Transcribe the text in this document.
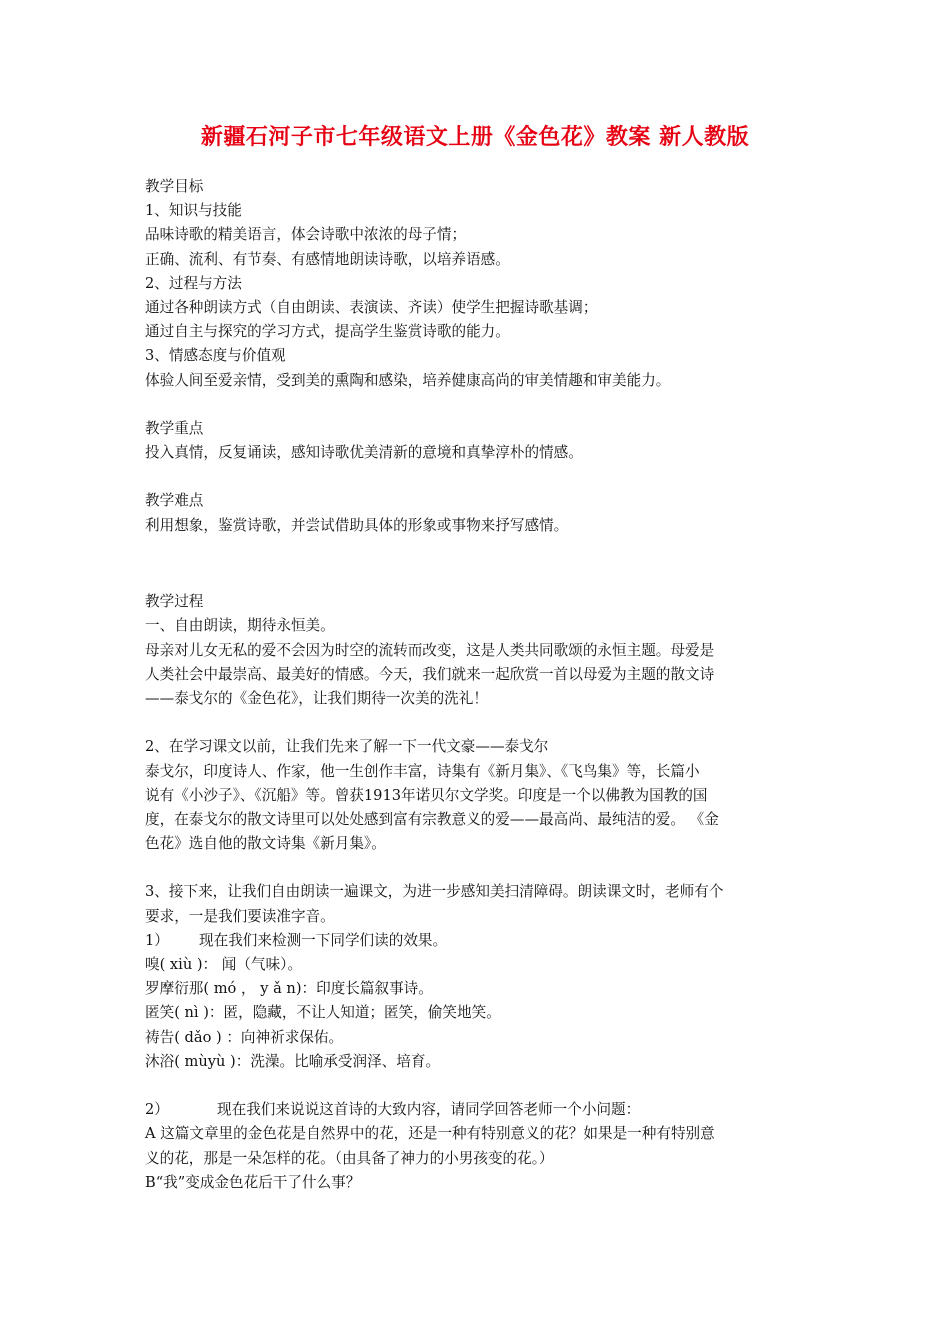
新疆石河子市七年级语文上册《金色花》教案 新人教版
教学目标
1、知识与技能
品味诗歌的精美语言，体会诗歌中浓浓的母子情；
正确、流利、有节奏、有感情地朗读诗歌，以培养语感。
2、过程与方法
通过各种朗读方式（自由朗读、表演读、齐读）使学生把握诗歌基调；
通过自主与探究的学习方式，提高学生鉴赏诗歌的能力。
3、情感态度与价值观
体验人间至爱亲情，受到美的熏陶和感染，培养健康高尚的审美情趣和审美能力。
教学重点
投入真情，反复诵读，感知诗歌优美清新的意境和真挚淳朴的情感。
教学难点
利用想象，鉴赏诗歌，并尝试借助具体的形象或事物来抒写感情。
教学过程
一、自由朗读，期待永恒美。
母亲对儿女无私的爱不会因为时空的流转而改变，这是人类共同歌颂的永恒主题。母爱是
人类社会中最崇高、最美好的情感。今天，我们就来一起欣赏一首以母爱为主题的散文诗
——泰戈尔的《金色花》，让我们期待一次美的洗礼！
2、在学习课文以前，让我们先来了解一下一代文豪——泰戈尔
泰戈尔，印度诗人、作家，他一生创作丰富，诗集有《新月集》、《飞鸟集》等，长篇小
说有《小沙子》、《沉船》等。曾获1913年诺贝尔文学奖。印度是一个以佛教为国教的国
度，在泰戈尔的散文诗里可以处处感到富有宗教意义的爱——最高尚、最纯洁的爱。 《金
色花》选自他的散文诗集《新月集》。
3、接下来，让我们自由朗读一遍课文，为进一步感知美扫清障碍。朗读课文时，老师有个
要求，一是我们要读准字音。
1） 现在我们来检测一下同学们读的效果。
嗅( xiù )： 闻（气味）。
罗摩衍那( mó ， y ǎ n)：印度长篇叙事诗。
匿笑( nì )：匿，隐藏，不让人知道；匿笑，偷笑地笑。
祷告( dǎo ) ：向神祈求保佑。
沐浴( mùyù )：洗澡。比喻承受润泽、培育。
2）	现在我们来说说这首诗的大致内容，请同学回答老师一个小问题：
A 这篇文章里的金色花是自然界中的花，还是一种有特别意义的花？如果是一种有特别意
义的花，那是一朵怎样的花。（由具备了神力的小男孩变的花。）
B“我”变成金色花后干了什么事？
